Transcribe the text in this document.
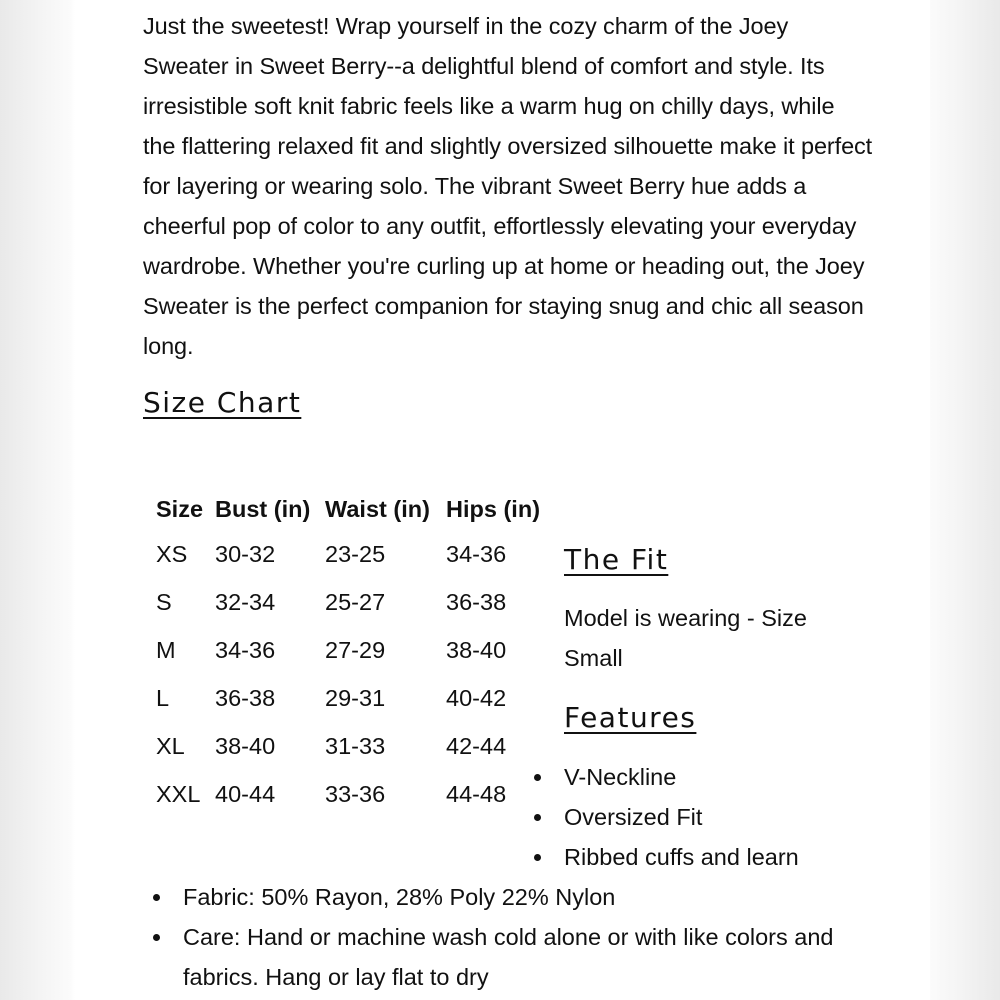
Just the sweetest! Wrap yourself in the cozy charm of the Joey Sweater in Sweet Berry--a delightful blend of comfort and style. Its irresistible soft knit fabric feels like a warm hug on chilly days, while the flattering relaxed fit and slightly oversized silhouette make it perfect for layering or wearing solo. The vibrant Sweet Berry hue adds a cheerful pop of color to any outfit, effortlessly elevating your everyday wardrobe. Whether you're curling up at home or heading out, the Joey Sweater is the perfect companion for staying snug and chic all season long.

Size Chart
Size	Bust (in)	Waist (in)	Hips (in)
XS	30-32	23-25	34-36
S	32-34	25-27	36-38
M	34-36	27-29	38-40
L	36-38	29-31	40-42
XL	38-40	31-33	42-44
XXL	40-44	33-36	44-48
The Fit

Model is wearing - Size Small

Features
V-Neckline
Oversized Fit
Ribbed cuffs and learn
Fabric: 50% Rayon, 28% Poly 22% Nylon
Care: Hand or machine wash cold alone or with like colors and fabrics. Hang or lay flat to dry
